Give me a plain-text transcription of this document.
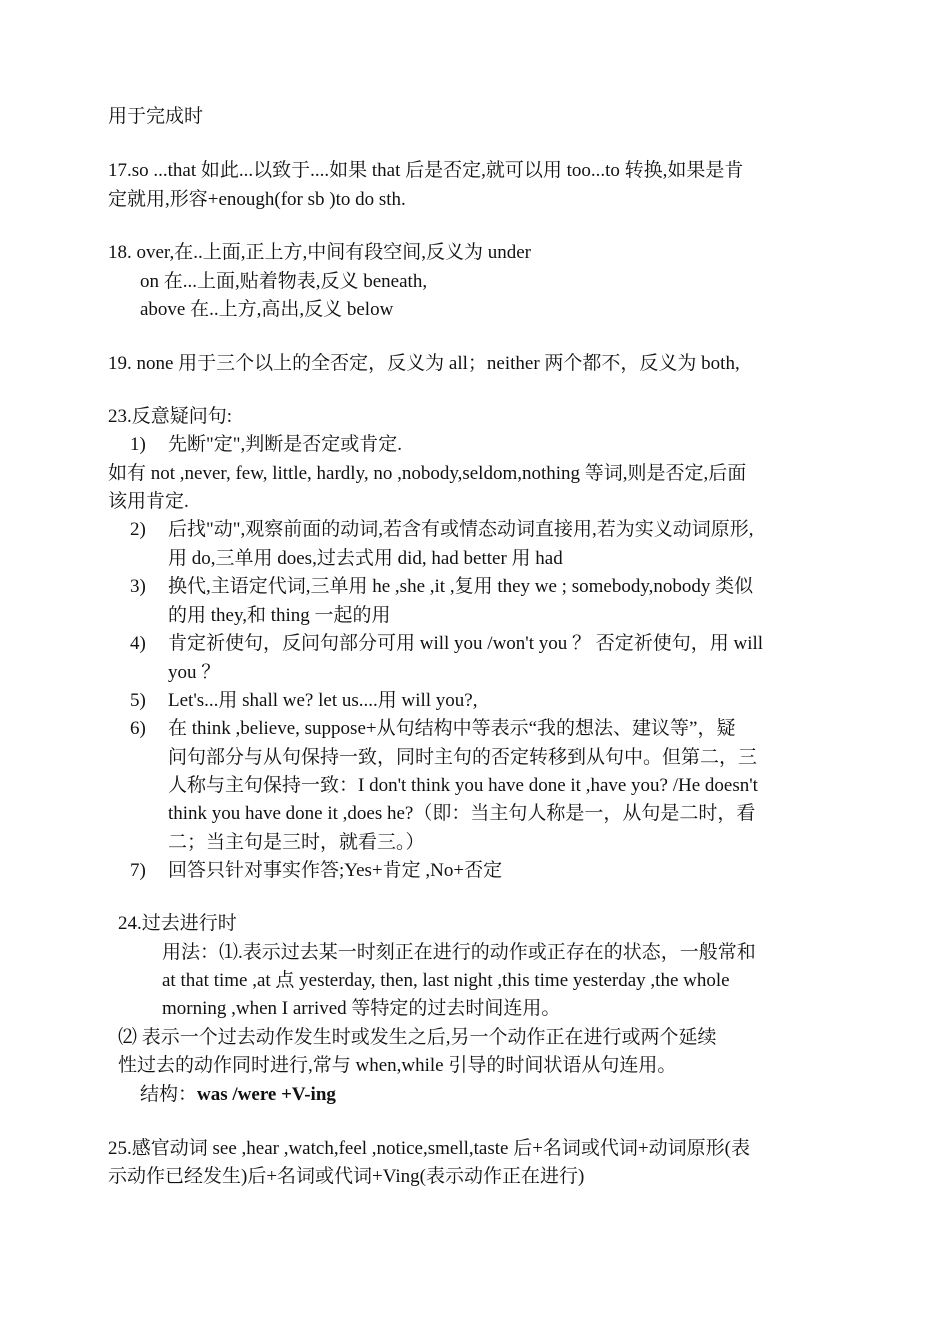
用于完成时
17.so ...that 如此...以致于....如果 that 后是否定,就可以用 too...to 转换,如果是肯
定就用,形容+enough(for sb )to do sth.
18. over,在..上面,正上方,中间有段空间,反义为 under
on 在...上面,贴着物表,反义 beneath,
above 在..上方,高出,反义 below
19. none 用于三个以上的全否定，反义为 all；neither 两个都不，反义为 both,
23.反意疑问句:
1) 先断"定",判断是否定或肯定.
如有 not ,never, few, little, hardly, no ,nobody,seldom,nothing 等词,则是否定,后面
该用肯定.
2) 后找"动",观察前面的动词,若含有或情态动词直接用,若为实义动词原形,
用 do,三单用 does,过去式用 did, had better 用 had
3) 换代,主语定代词,三单用 he ,she ,it ,复用 they we ; somebody,nobody 类似
的用 they,和 thing 一起的用
4) 肯定祈使句，反问句部分可用 will you /won't you ？ 否定祈使句，用 will
you ？
5) Let's...用 shall we? let us....用 will you?,
6) 在 think ,believe, suppose+从句结构中等表示“我的想法、建议等”，疑
问句部分与从句保持一致，同时主句的否定转移到从句中。但第二，三
人称与主句保持一致：I don't think you have done it ,have you? /He doesn't
think you have done it ,does he?（即：当主句人称是一，从句是二时，看
二；当主句是三时，就看三。）
7) 回答只针对事实作答;Yes+肯定 ,No+否定
24.过去进行时
用法：⑴.表示过去某一时刻正在进行的动作或正存在的状态，一般常和
at that time ,at 点 yesterday, then, last night ,this time yesterday ,the whole
morning ,when I arrived 等特定的过去时间连用。
⑵ 表示一个过去动作发生时或发生之后,另一个动作正在进行或两个延续
性过去的动作同时进行,常与 when,while 引导的时间状语从句连用。
结构：was /were +V-ing
25.感官动词 see ,hear ,watch,feel ,notice,smell,taste 后+名词或代词+动词原形(表
示动作已经发生)后+名词或代词+Ving(表示动作正在进行)
